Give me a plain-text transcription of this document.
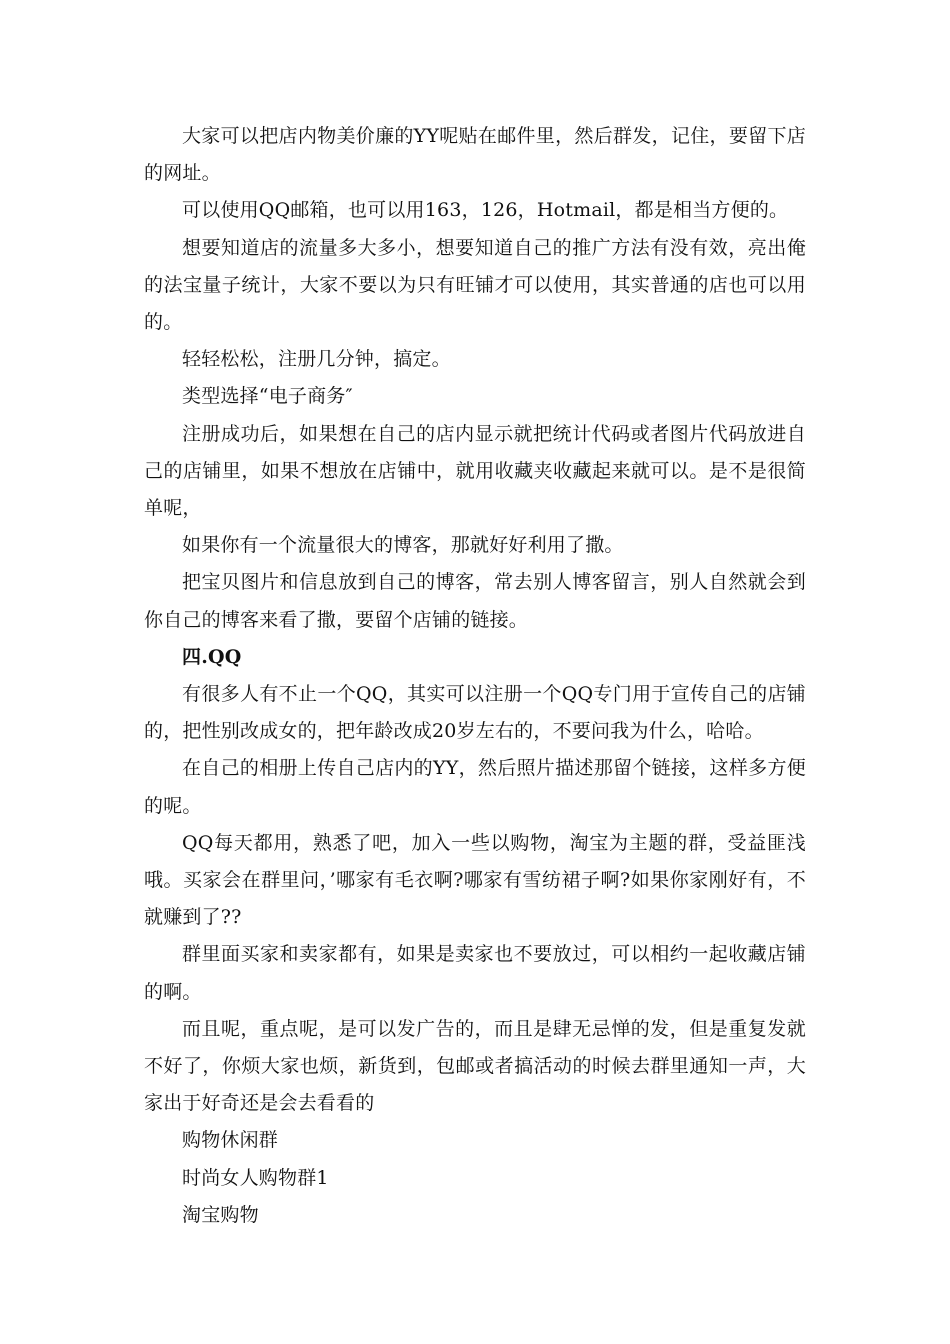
大家可以把店内物美价廉的YY呢贴在邮件里，然后群发，记住，要留下店的网址。

可以使用QQ邮箱，也可以用163，126，Hotmail，都是相当方便的。

想要知道店的流量多大多小，想要知道自己的推广方法有没有效，亮出俺的法宝量子统计，大家不要以为只有旺铺才可以使用，其实普通的店也可以用的。

轻轻松松，注册几分钟，搞定。

类型选择“电子商务″

注册成功后，如果想在自己的店内显示就把统计代码或者图片代码放进自己的店铺里，如果不想放在店铺中，就用收藏夹收藏起来就可以。是不是很简单呢，

如果你有一个流量很大的博客，那就好好利用了撒。

把宝贝图片和信息放到自己的博客，常去别人博客留言，别人自然就会到你自己的博客来看了撒，要留个店铺的链接。

四.QQ

有很多人有不止一个QQ，其实可以注册一个QQ专门用于宣传自己的店铺的，把性别改成女的，把年龄改成20岁左右的，不要问我为什么，哈哈。

在自己的相册上传自己店内的YY，然后照片描述那留个链接，这样多方便的呢。

QQ每天都用，熟悉了吧，加入一些以购物，淘宝为主题的群，受益匪浅哦。买家会在群里问，’哪家有毛衣啊?哪家有雪纺裙子啊?如果你家刚好有，不就赚到了??

群里面买家和卖家都有，如果是卖家也不要放过，可以相约一起收藏店铺的啊。

而且呢，重点呢，是可以发广告的，而且是肆无忌惮的发，但是重复发就不好了，你烦大家也烦，新货到，包邮或者搞活动的时候去群里通知一声，大家出于好奇还是会去看看的

购物休闲群

时尚女人购物群1

淘宝购物
